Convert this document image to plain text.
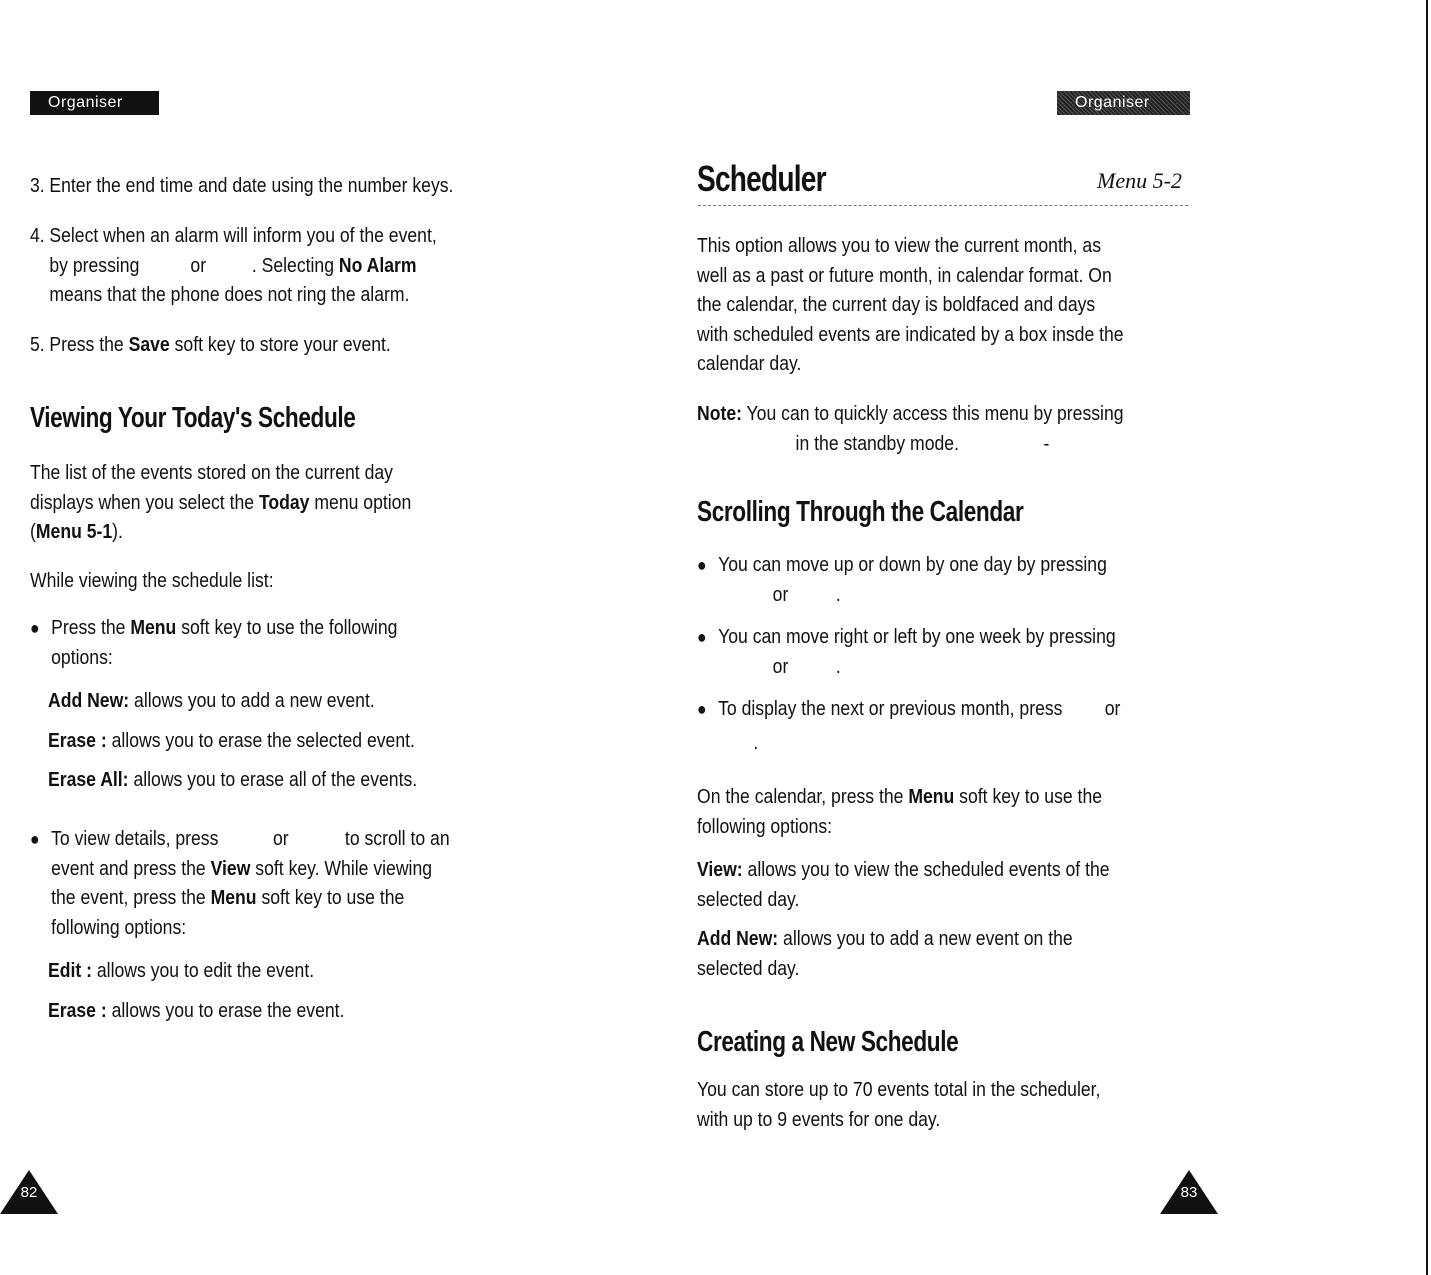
Organiser
3. Enter the end time and date using the number keys.
4. Select when an alarm will inform you of the event,
by pressing	or . Selecting No Alarm
means that the phone does not ring the alarm.
5. Press the Save soft key to store your event.
Viewing Your Today's Schedule
The list of the events stored on the current day
displays when you select the Today menu option
(Menu 5-1).
While viewing the schedule list:
● Press the Menu soft key to use the following
options:
Add New: allows you to add a new event.
Erase : allows you to erase the selected event.
Erase All: allows you to erase all of the events.
● To view details, press	or	to scroll to an
event and press the View soft key. While viewing
the event, press the Menu soft key to use the
following options:
Edit : allows you to edit the event.
Erase : allows you to erase the event.
82
Organiser
Scheduler	Menu 5-2
This option allows you to view the current month, as
well as a past or future month, in calendar format. On
the calendar, the current day is boldfaced and days
with scheduled events are indicated by a box insde the
calendar day.
Note: You can to quickly access this menu by pressing
in the standby mode.	-
Scrolling Through the Calendar
● You can move up or down by one day by pressing
or .
● You can move right or left by one week by pressing
or .
● To display the next or previous month, press or
.
On the calendar, press the Menu soft key to use the
following options:
View: allows you to view the scheduled events of the
selected day.
Add New: allows you to add a new event on the
selected day.
Creating a New Schedule
You can store up to 70 events total in the scheduler,
with up to 9 events for one day.
83
